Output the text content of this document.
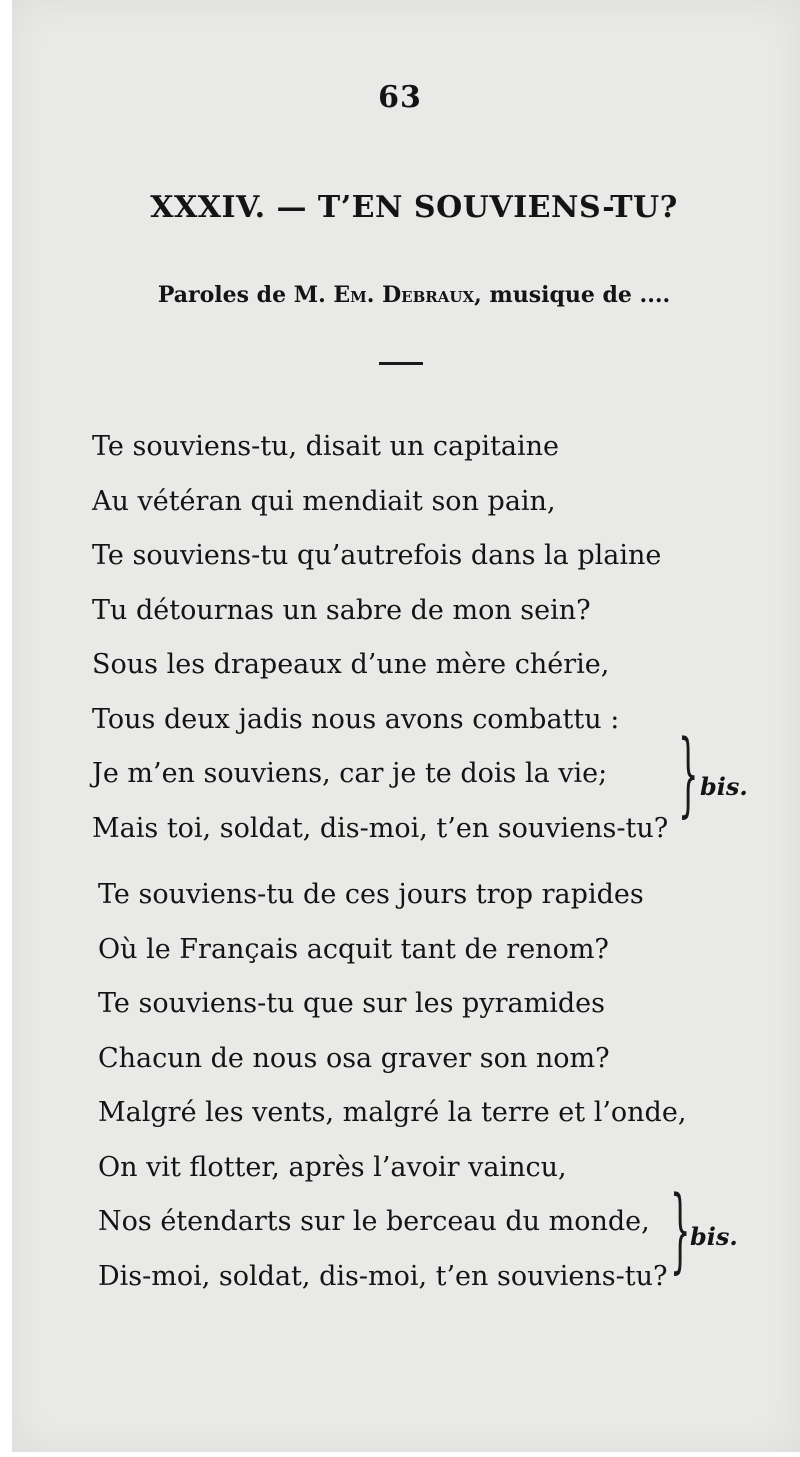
63
XXXIV. — T’EN SOUVIENS-TU?
Paroles de M. Em. Debraux, musique de ....
Te souviens-tu, disait un capitaine
Au vétéran qui mendiait son pain,
Te souviens-tu qu’autrefois dans la plaine
Tu détournas un sabre de mon sein?
Sous les drapeaux d’une mère chérie,
Tous deux jadis nous avons combattu :
Je m’en souviens, car je te dois la vie;
Mais toi, soldat, dis-moi, t’en souviens-tu?
} bis.
Te souviens-tu de ces jours trop rapides
Où le Français acquit tant de renom?
Te souviens-tu que sur les pyramides
Chacun de nous osa graver son nom?
Malgré les vents, malgré la terre et l’onde,
On vit flotter, après l’avoir vaincu,
Nos étendarts sur le berceau du monde,
Dis-moi, soldat, dis-moi, t’en souviens-tu? } bis.
